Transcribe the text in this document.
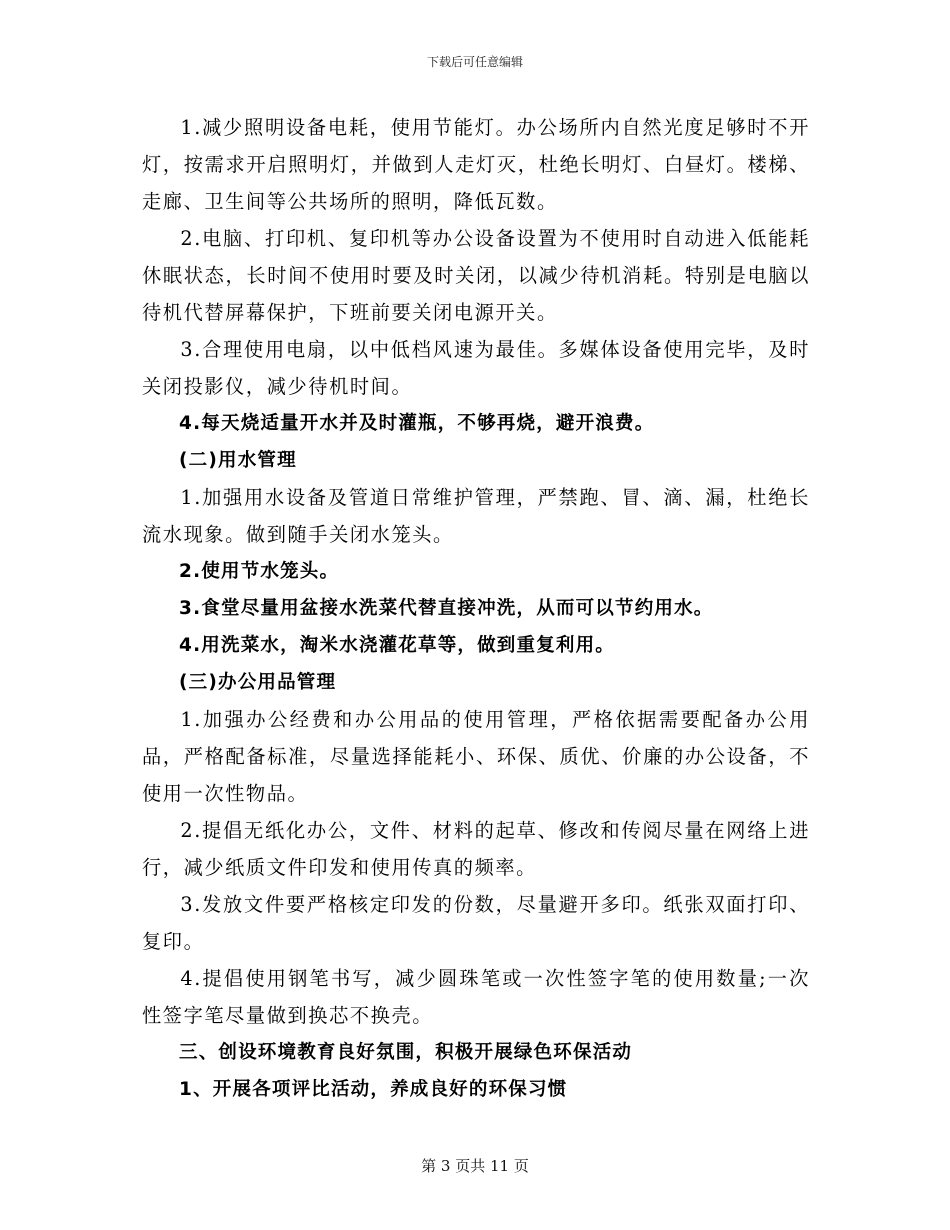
下载后可任意编辑

1.减少照明设备电耗，使用节能灯。办公场所内自然光度足够时不开灯，按需求开启照明灯，并做到人走灯灭，杜绝长明灯、白昼灯。楼梯、走廊、卫生间等公共场所的照明，降低瓦数。

2.电脑、打印机、复印机等办公设备设置为不使用时自动进入低能耗休眠状态，长时间不使用时要及时关闭，以减少待机消耗。特别是电脑以待机代替屏幕保护，下班前要关闭电源开关。

3.合理使用电扇，以中低档风速为最佳。多媒体设备使用完毕，及时关闭投影仪，减少待机时间。

4.每天烧适量开水并及时灌瓶，不够再烧，避开浪费。

(二)用水管理

1.加强用水设备及管道日常维护管理，严禁跑、冒、滴、漏，杜绝长流水现象。做到随手关闭水笼头。

2.使用节水笼头。

3.食堂尽量用盆接水洗菜代替直接冲洗，从而可以节约用水。

4.用洗菜水，淘米水浇灌花草等，做到重复利用。

(三)办公用品管理

1.加强办公经费和办公用品的使用管理，严格依据需要配备办公用品，严格配备标准，尽量选择能耗小、环保、质优、价廉的办公设备，不使用一次性物品。

2.提倡无纸化办公，文件、材料的起草、修改和传阅尽量在网络上进行，减少纸质文件印发和使用传真的频率。

3.发放文件要严格核定印发的份数，尽量避开多印。纸张双面打印、复印。

4.提倡使用钢笔书写，减少圆珠笔或一次性签字笔的使用数量;一次性签字笔尽量做到换芯不换壳。

三、创设环境教育良好氛围，积极开展绿色环保活动

1、开展各项评比活动，养成良好的环保习惯

第 3 页共 11 页
